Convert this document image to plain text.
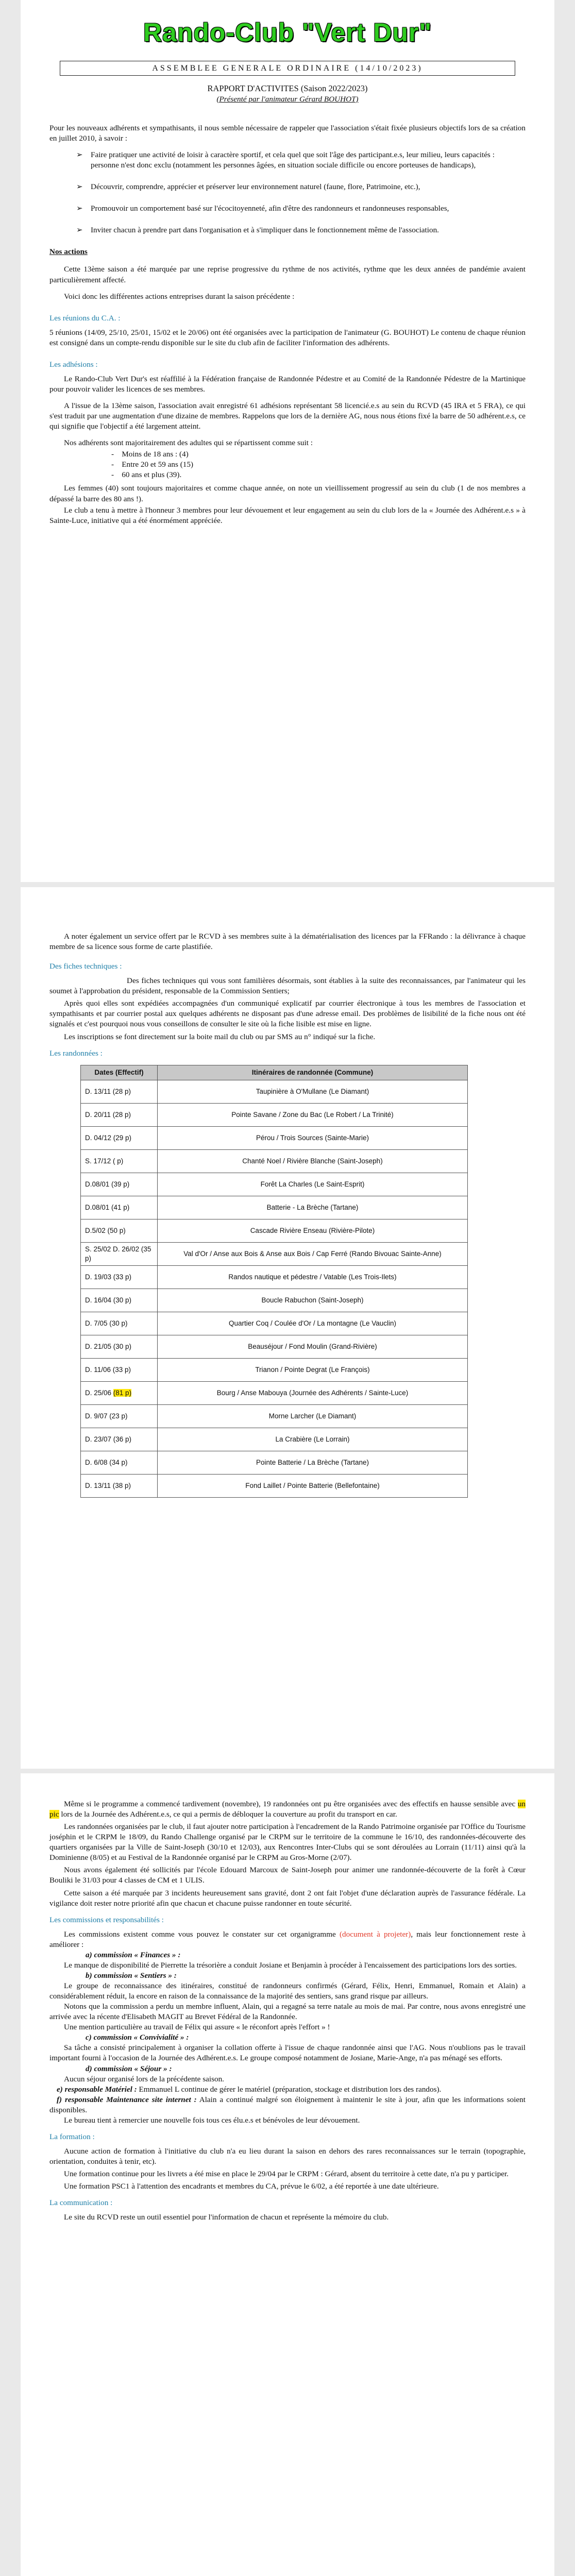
Rando-Club "Vert Dur"
ASSEMBLEE GENERALE ORDINAIRE (14/10/2023)
RAPPORT D'ACTIVITES (Saison 2022/2023)
(Présenté par l'animateur Gérard BOUHOT)

Pour les nouveaux adhérents et sympathisants, il nous semble nécessaire de rappeler que l'association s'était fixée plusieurs objectifs lors de sa création en juillet 2010, à savoir :

➢ Faire pratiquer une activité de loisir à caractère sportif, et cela quel que soit l'âge des participant.e.s, leur milieu, leurs capacités : personne n'est donc exclu (notamment les personnes âgées, en situation sociale difficile ou encore porteuses de handicaps),
➢ Découvrir, comprendre, apprécier et préserver leur environnement naturel (faune, flore, Patrimoine, etc.),
➢ Promouvoir un comportement basé sur l'écocitoyenneté, afin d'être des randonneurs et randonneuses responsables,
➢ Inviter chacun à prendre part dans l'organisation et à s'impliquer dans le fonctionnement même de l'association.
Nos actions

Cette 13ème saison a été marquée par une reprise progressive du rythme de nos activités, rythme que les deux années de pandémie avaient particulièrement affecté.

Voici donc les différentes actions entreprises durant la saison précédente :

Les réunions du C.A. :

5 réunions (14/09, 25/10, 25/01, 15/02 et le 20/06) ont été organisées avec la participation de l'animateur (G. BOUHOT) Le contenu de chaque réunion est consigné dans un compte-rendu disponible sur le site du club afin de faciliter l'information des adhérents.

Les adhésions :

Le Rando-Club Vert Dur's est réaffilié à la Fédération française de Randonnée Pédestre et au Comité de la Randonnée Pédestre de la Martinique pour pouvoir valider les licences de ses membres.

A l'issue de la 13ème saison, l'association avait enregistré 61 adhésions représentant 58 licencié.e.s au sein du RCVD (45 IRA et 5 FRA), ce qui s'est traduit par une augmentation d'une dizaine de membres. Rappelons que lors de la dernière AG, nous nous étions fixé la barre de 50 adhérent.e.s, ce qui signifie que l'objectif a été largement atteint.

Nos adhérents sont majoritairement des adultes qui se répartissent comme suit :

- Moins de 18 ans : (4)
- Entre 20 et 59 ans (15)
- 60 ans et plus (39).

Les femmes (40) sont toujours majoritaires et comme chaque année, on note un vieillissement progressif au sein du club (1 de nos membres a dépassé la barre des 80 ans !).

Le club a tenu à mettre à l'honneur 3 membres pour leur dévouement et leur engagement au sein du club lors de la « Journée des Adhérent.e.s » à Sainte-Luce, initiative qui a été énormément appréciée.

A noter également un service offert par le RCVD à ses membres suite à la dématérialisation des licences par la FFRando : la délivrance à chaque membre de sa licence sous forme de carte plastifiée.

Des fiches techniques :

Des fiches techniques qui vous sont familières désormais, sont établies à la suite des reconnaissances, par l'animateur qui les soumet à l'approbation du président, responsable de la Commission Sentiers;

Après quoi elles sont expédiées accompagnées d'un communiqué explicatif par courrier électronique à tous les membres de l'association et sympathisants et par courrier postal aux quelques adhérents ne disposant pas d'une adresse email. Des problèmes de lisibilité de la fiche nous ont été signalés et c'est pourquoi nous vous conseillons de consulter le site où la fiche lisible est mise en ligne.

Les inscriptions se font directement sur la boite mail du club ou par SMS au n° indiqué sur la fiche.

Les randonnées :
Dates (Effectif)	Itinéraires de randonnée (Commune)
D. 13/11 (28 p)	Taupinière à O'Mullane (Le Diamant)
D. 20/11 (28 p)	Pointe Savane / Zone du Bac (Le Robert / La Trinité)
D. 04/12 (29 p)	Pérou / Trois Sources (Sainte-Marie)
S. 17/12 ( p)	Chanté Noel / Rivière Blanche (Saint-Joseph)
D.08/01 (39 p)	Forêt La Charles (Le Saint-Esprit)
D.08/01 (41 p)	Batterie - La Brèche (Tartane)
D.5/02 (50 p)	Cascade Rivière Enseau (Rivière-Pilote)
S. 25/02 D. 26/02 (35 p)	Val d'Or / Anse aux Bois & Anse aux Bois / Cap Ferré (Rando Bivouac Sainte-Anne)
D. 19/03 (33 p)	Randos nautique et pédestre / Vatable (Les Trois-Ilets)
D. 16/04 (30 p)	Boucle Rabuchon (Saint-Joseph)
D. 7/05 (30 p)	Quartier Coq / Coulée d'Or / La montagne (Le Vauclin)
D. 21/05 (30 p)	Beauséjour / Fond Moulin (Grand-Rivière)
D. 11/06 (33 p)	Trianon / Pointe Degrat (Le François)
D. 25/06 (81 p)	Bourg / Anse Mabouya (Journée des Adhérents / Sainte-Luce)
D. 9/07 (23 p)	Morne Larcher (Le Diamant)
D. 23/07 (36 p)	La Crabière (Le Lorrain)
D. 6/08 (34 p)	Pointe Batterie / La Brèche (Tartane)
D. 13/11 (38 p)	Fond Laillet / Pointe Batterie (Bellefontaine)

Même si le programme a commencé tardivement (novembre), 19 randonnées ont pu être organisées avec des effectifs en hausse sensible avec un pic lors de la Journée des Adhérent.e.s, ce qui a permis de débloquer la couverture au profit du transport en car.

Les randonnées organisées par le club, il faut ajouter notre participation à l'encadrement de la Rando Patrimoine organisée par l'Office du Tourisme joséphin et le CRPM le 18/09, du Rando Challenge organisé par le CRPM sur le territoire de la commune le 16/10, des randonnées-découverte des quartiers organisées par la Ville de Saint-Joseph (30/10 et 12/03), aux Rencontres Inter-Clubs qui se sont déroulées au Lorrain (11/11) ainsi qu'à la Dominienne (8/05) et au Festival de la Randonnée organisé par le CRPM au Gros-Morne (2/07).

Nous avons également été sollicités par l'école Edouard Marcoux de Saint-Joseph pour animer une randonnée-découverte de la forêt à Cœur Bouliki le 31/03 pour 4 classes de CM et 1 ULIS.

Cette saison a été marquée par 3 incidents heureusement sans gravité, dont 2 ont fait l'objet d'une déclaration auprès de l'assurance fédérale. La vigilance doit rester notre priorité afin que chacun et chacune puisse randonner en toute sécurité.

Les commissions et responsabilités :

Les commissions existent comme vous pouvez le constater sur cet organigramme (document à projeter), mais leur fonctionnement reste à améliorer :

a) commission « Finances » :

Le manque de disponibilité de Pierrette la trésorière a conduit Josiane et Benjamin à procéder à l'encaissement des participations lors des sorties.

b) commission « Sentiers » :

Le groupe de reconnaissance des itinéraires, constitué de randonneurs confirmés (Gérard, Félix, Henri, Emmanuel, Romain et Alain) a considérablement réduit, la encore en raison de la connaissance de la majorité des sentiers, sans grand risque par ailleurs.

Notons que la commission a perdu un membre influent, Alain, qui a regagné sa terre natale au mois de mai. Par contre, nous avons enregistré une arrivée avec la récente d'Elisabeth MAGIT au Brevet Fédéral de la Randonnée.

Une mention particulière au travail de Félix qui assure « le réconfort après l'effort » !

c) commission « Convivialité » :

Sa tâche a consisté principalement à organiser la collation offerte à l'issue de chaque randonnée ainsi que l'AG. Nous n'oublions pas le travail important fourni à l'occasion de la Journée des Adhérent.e.s. Le groupe composé notamment de Josiane, Marie-Ange, n'a pas ménagé ses efforts.

d) commission « Séjour » :

Aucun séjour organisé lors de la précédente saison.

e) responsable Matériel : Emmanuel L continue de gérer le matériel (préparation, stockage et distribution lors des randos).

f) responsable Maintenance site internet : Alain a continué malgré son éloignement à maintenir le site à jour, afin que les informations soient disponibles.

Le bureau tient à remercier une nouvelle fois tous ces élu.e.s et bénévoles de leur dévouement.

La formation :

Aucune action de formation à l'initiative du club n'a eu lieu durant la saison en dehors des rares reconnaissances sur le terrain (topographie, orientation, conduites à tenir, etc).

Une formation continue pour les livrets a été mise en place le 29/04 par le CRPM : Gérard, absent du territoire à cette date, n'a pu y participer.

Une formation PSC1 à l'attention des encadrants et membres du CA, prévue le 6/02, a été reportée à une date ultérieure.

La communication :

Le site du RCVD reste un outil essentiel pour l'information de chacun et représente la mémoire du club.
